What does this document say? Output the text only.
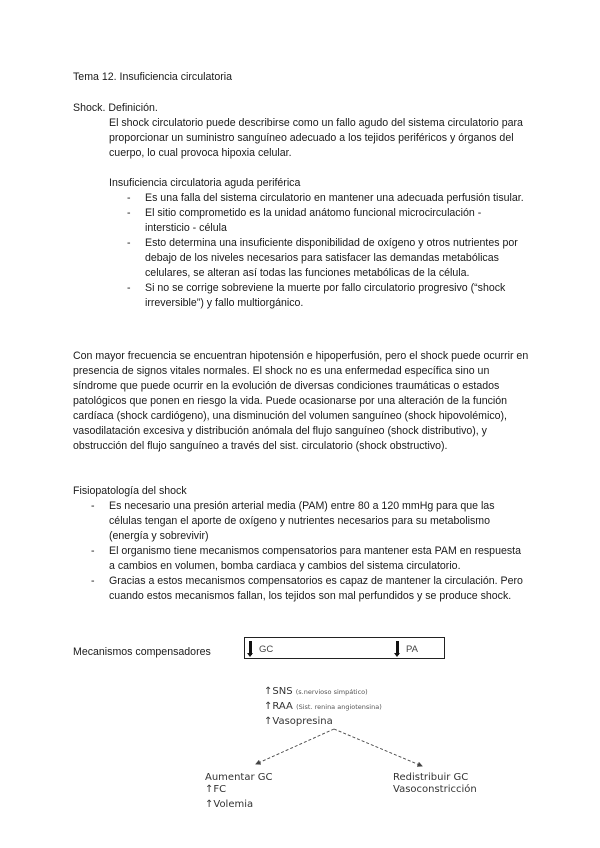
Tema 12. Insuficiencia circulatoria
Shock. Definición.

El shock circulatorio puede describirse como un fallo agudo del sistema circulatorio para proporcionar un suministro sanguíneo adecuado a los tejidos periféricos y órganos del cuerpo, lo cual provoca hipoxia celular.

Insuficiencia circulatoria aguda periférica
- Es una falla del sistema circulatorio en mantener una adecuada perfusión tisular.
- El sitio comprometido es la unidad anátomo funcional microcirculación - intersticio - célula
- Esto determina una insuficiente disponibilidad de oxígeno y otros nutrientes por debajo de los niveles necesarios para satisfacer las demandas metabólicas celulares, se alteran así todas las funciones metabólicas de la célula.
- Si no se corrige sobreviene la muerte por fallo circulatorio progresivo (“shock irreversible”) y fallo multiorgánico.

Con mayor frecuencia se encuentran hipotensión e hipoperfusión, pero el shock puede ocurrir en presencia de signos vitales normales. El shock no es una enfermedad específica sino un síndrome que puede ocurrir en la evolución de diversas condiciones traumáticas o estados patológicos que ponen en riesgo la vida. Puede ocasionarse por una alteración de la función cardíaca (shock cardiógeno), una disminución del volumen sanguíneo (shock hipovolémico), vasodilatación excesiva y distribución anómala del flujo sanguíneo (shock distributivo), y obstrucción del flujo sanguíneo a través del sist. circulatorio (shock obstructivo).

Fisiopatología del shock
- Es necesario una presión arterial media (PAM) entre 80 a 120 mmHg para que las células tengan el aporte de oxígeno y nutrientes necesarios para su metabolismo (energía y sobrevivir)
- El organismo tiene mecanismos compensatorios para mantener esta PAM en respuesta a cambios en volumen, bomba cardiaca y cambios del sistema circulatorio.
- Gracias a estos mecanismos compensatorios es capaz de mantener la circulación. Pero cuando estos mecanismos fallan, los tejidos son mal perfundidos y se produce shock.
Mecanismos compensadores	GC	PA
↑SNS (s.nervioso simpático)
↑RAA (Sist. renina angiotensina)
↑Vasopresina
Aumentar GC
↑FC
↑Volemia
Redistribuir GC
Vasoconstricción
